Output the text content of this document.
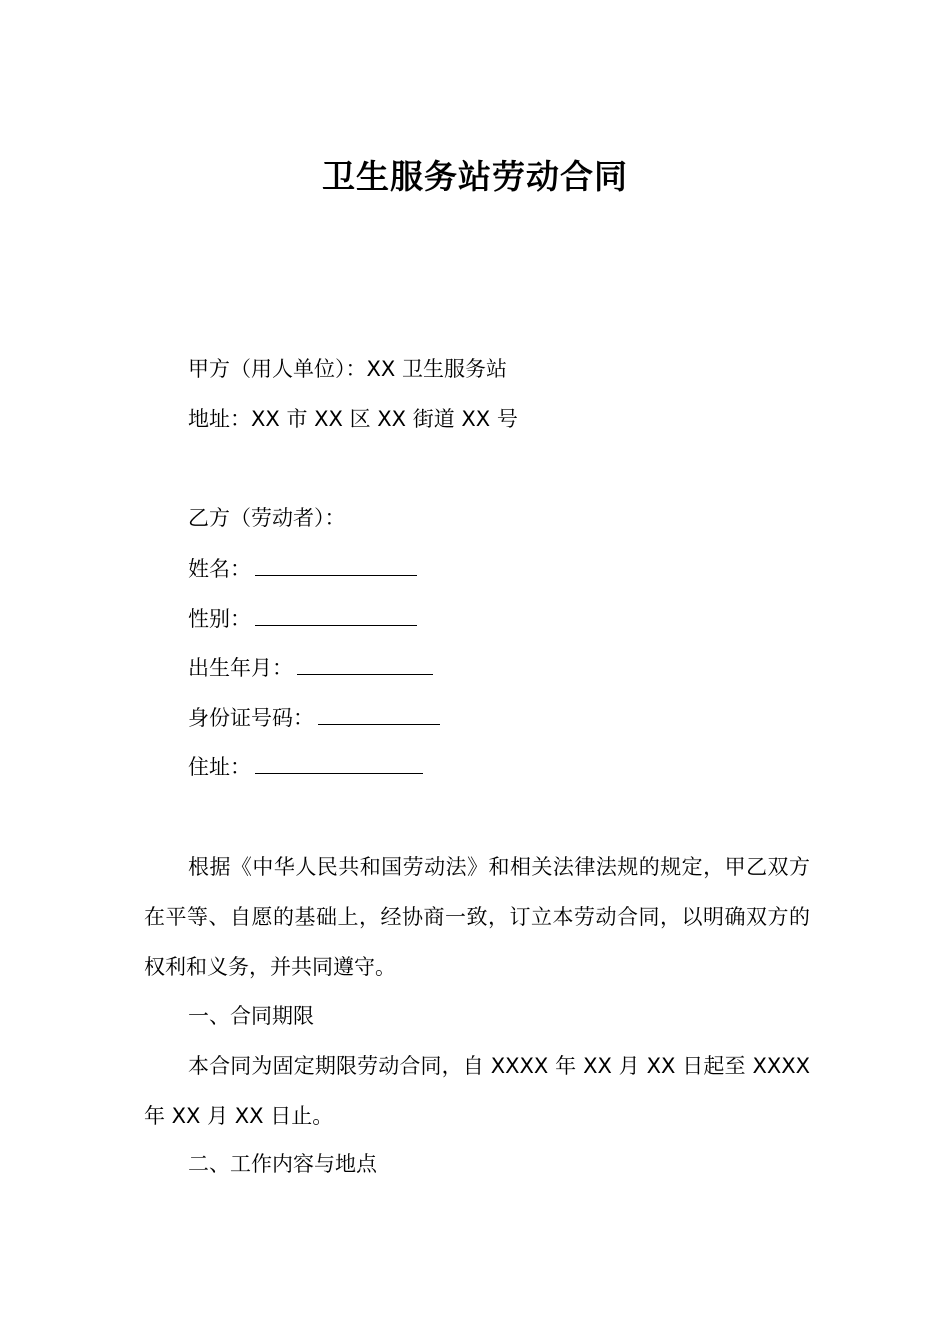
卫生服务站劳动合同
甲方（用人单位）：XX 卫生服务站
地址：XX 市 XX 区 XX 街道 XX 号
乙方（劳动者）：
姓名：
性别：
出生年月：
身份证号码：
住址：
根据《中华人民共和国劳动法》和相关法律法规的规定，甲乙双方在平等、自愿的基础上，经协商一致，订立本劳动合同，以明确双方的权利和义务，并共同遵守。
一、合同期限
本合同为固定期限劳动合同，自 XXXX 年 XX 月 XX 日起至 XXXX 年 XX 月 XX 日止。
二、工作内容与地点
